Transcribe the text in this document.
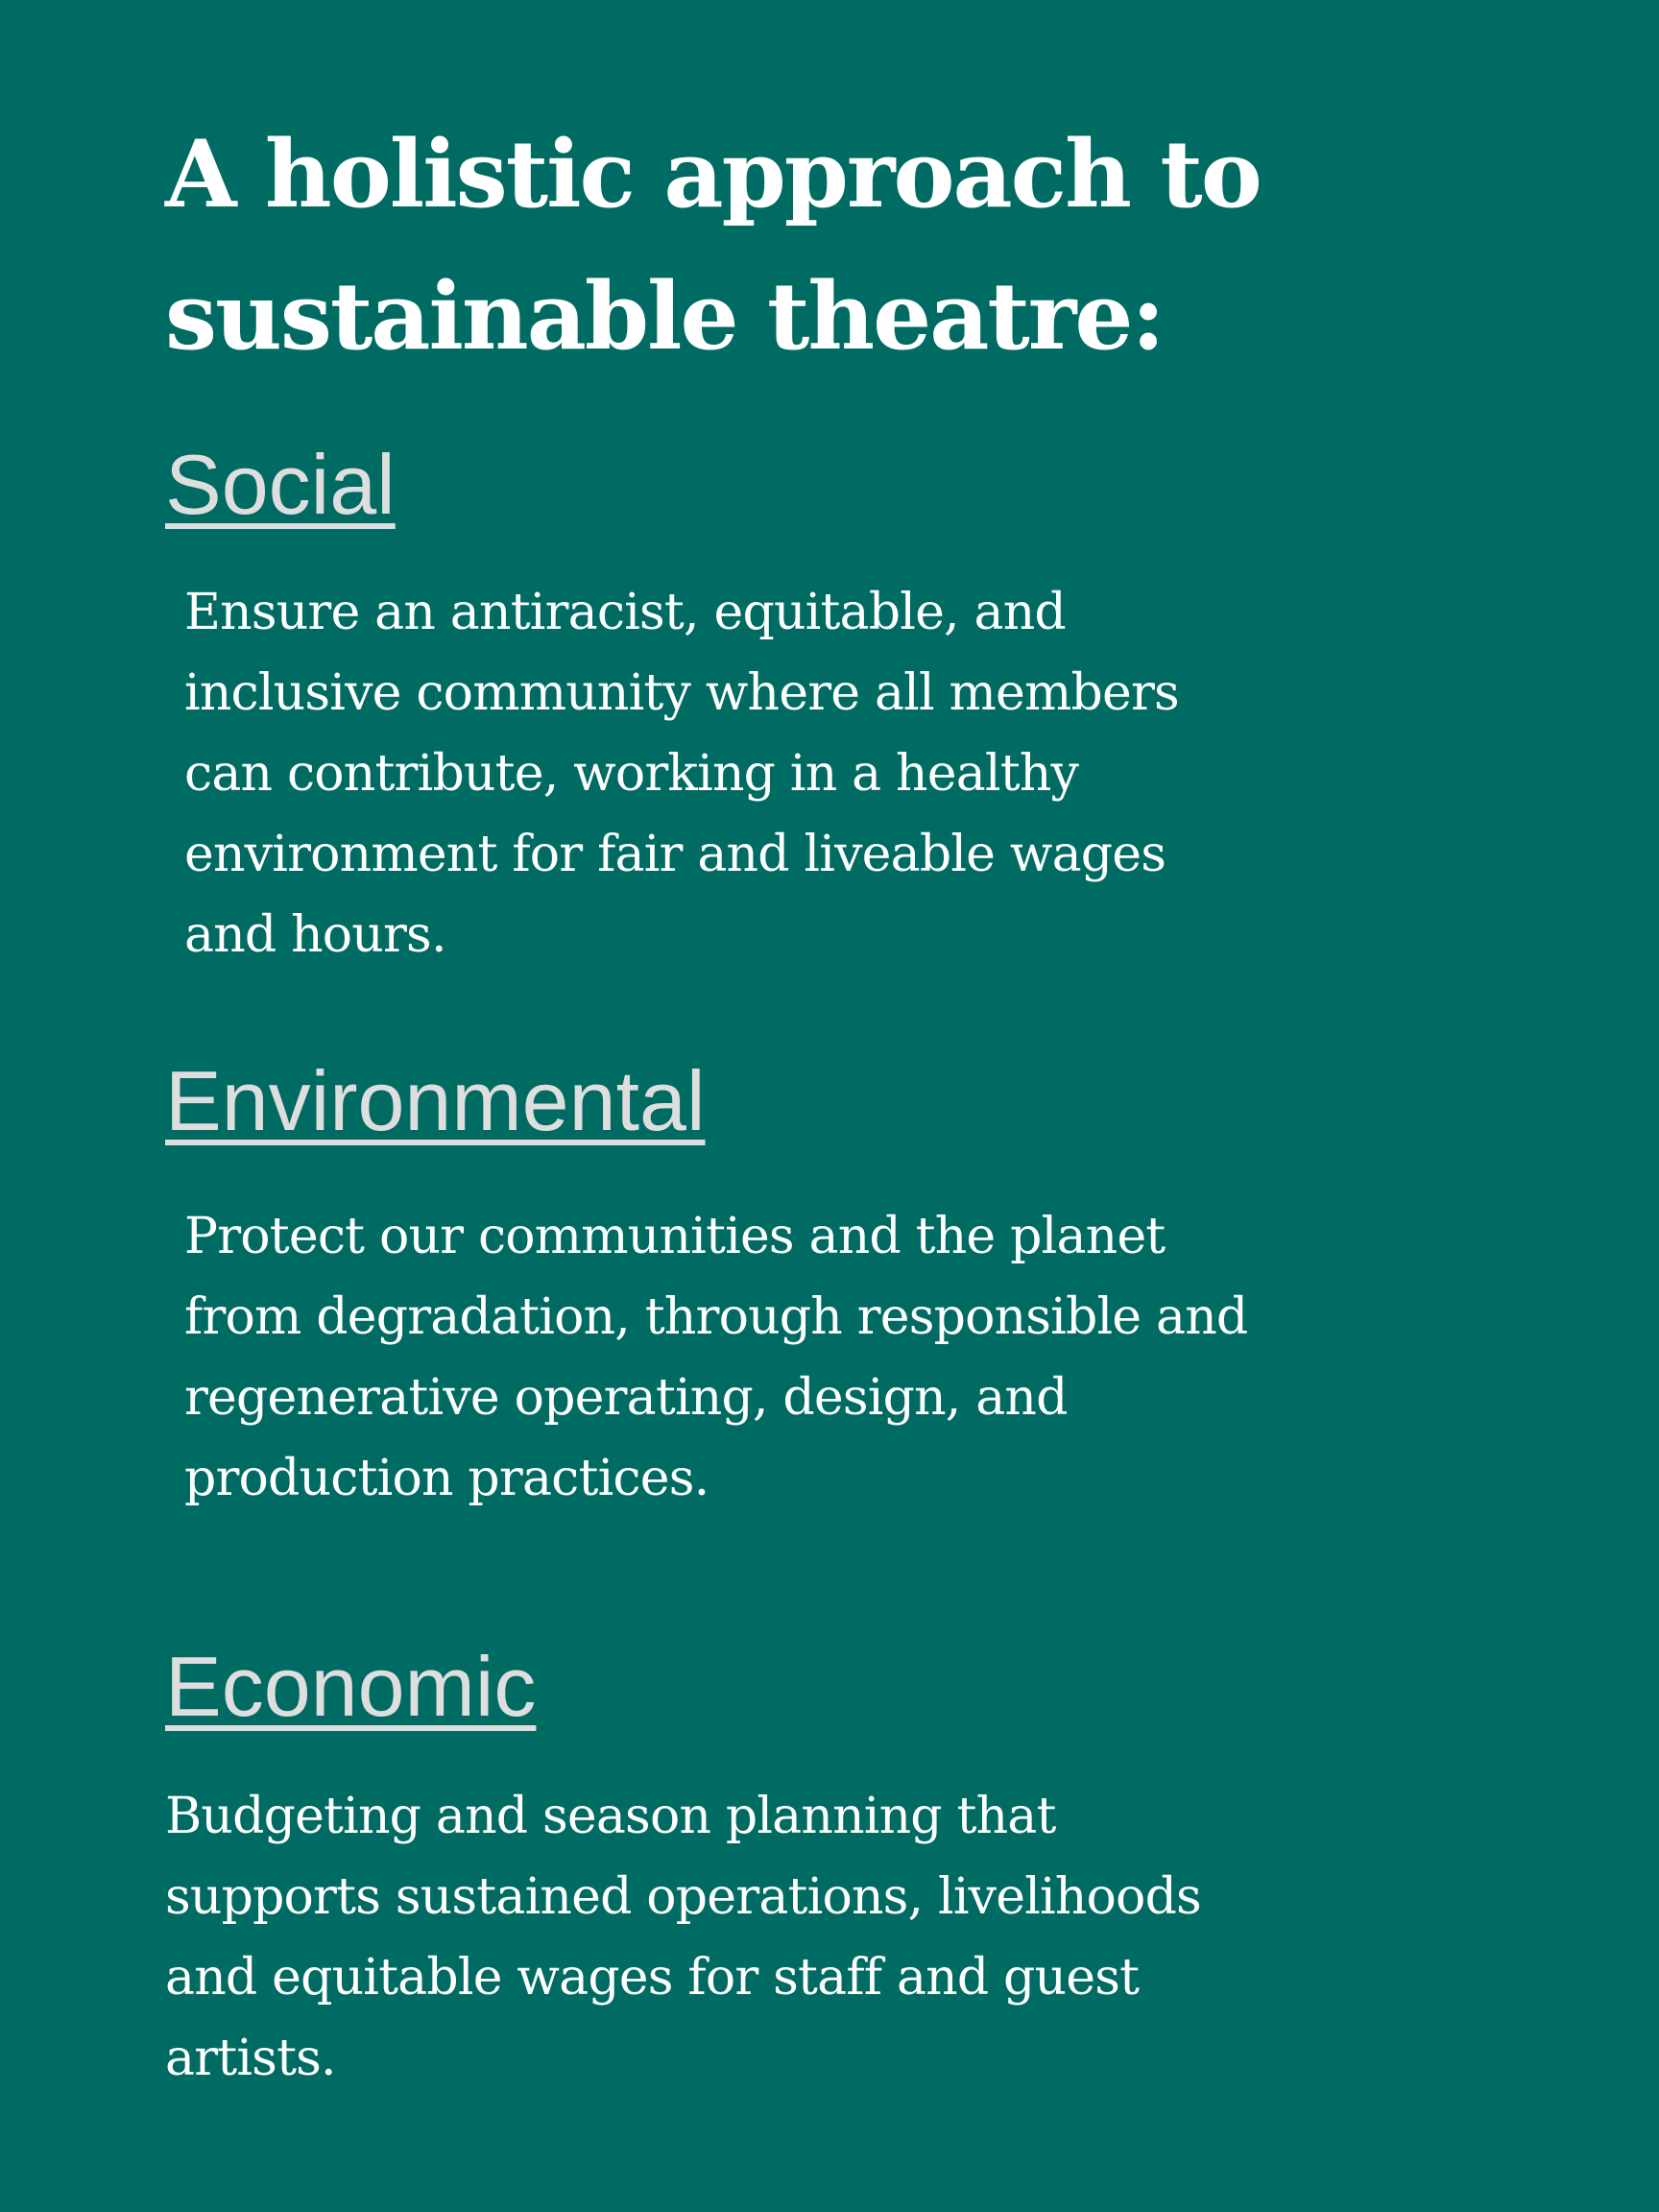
A holistic approach to
sustainable theatre:
Social

Ensure an antiracist, equitable, and
inclusive community where all members
can contribute, working in a healthy
environment for fair and liveable wages
and hours.

Environmental

Protect our communities and the planet
from degradation, through responsible and
regenerative operating, design, and
production practices.

Economic

Budgeting and season planning that
supports sustained operations, livelihoods
and equitable wages for staff and guest
artists.
